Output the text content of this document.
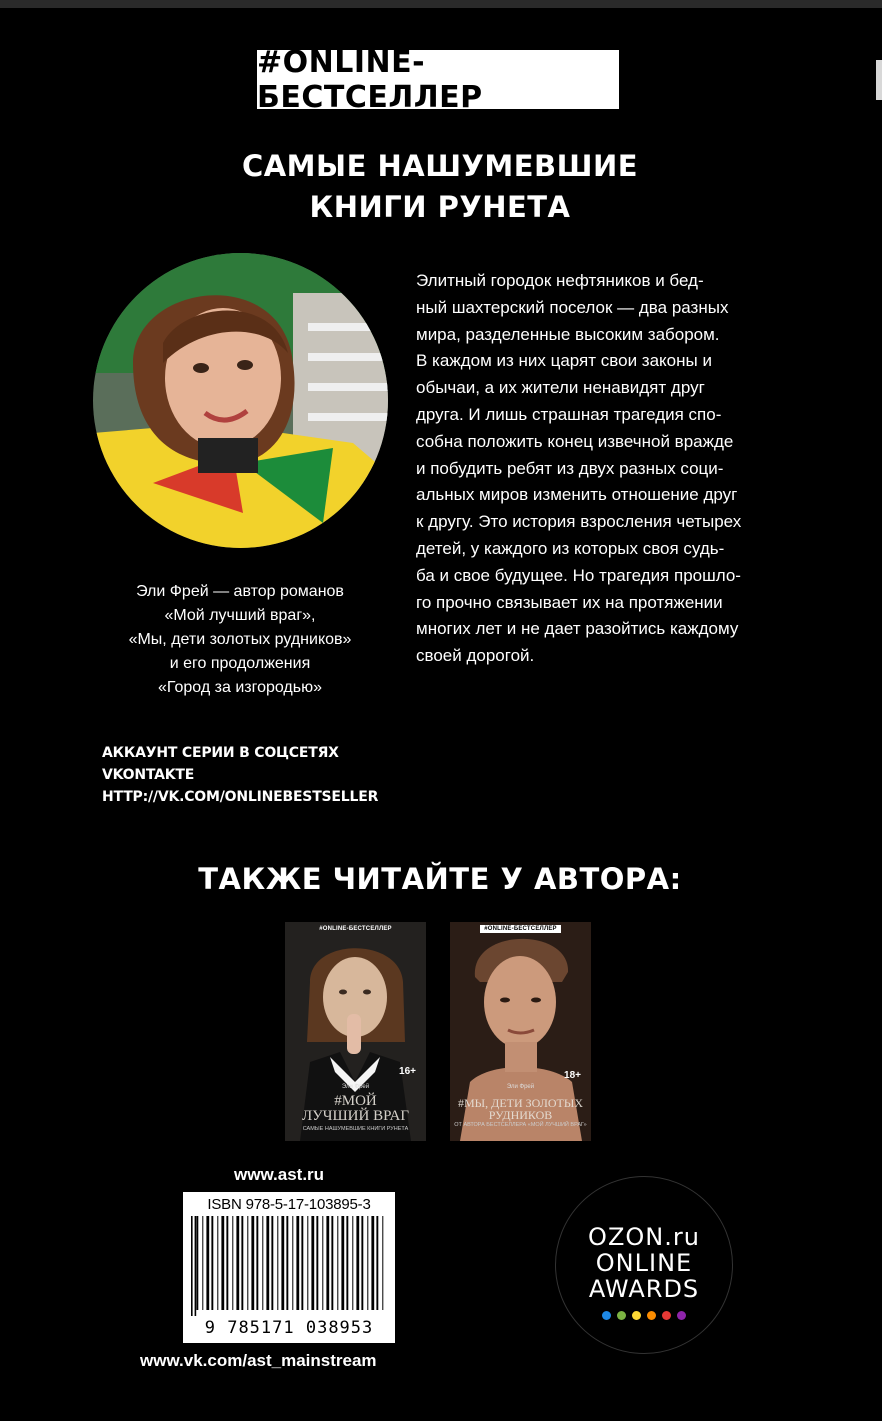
#ONLINE-БЕСТСЕЛЛЕР
САМЫЕ НАШУМЕВШИЕ
КНИГИ РУНЕТА
Эли Фрей — автор романов
«Мой лучший враг»,
«Мы, дети золотых рудников»
и его продолжения
«Город за изгородью»

Элитный городок нефтяников и бед-

ный шахтерский поселок — два разных

мира, разделенные высоким забором.

В каждом из них царят свои законы и

обычаи, а их жители ненавидят друг

друга. И лишь страшная трагедия спо-

собна положить конец извечной вражде

и побудить ребят из двух разных соци-

альных миров изменить отношение друг

к другу. Это история взросления четырех

детей, у каждого из которых своя судь-

ба и свое будущее. Но трагедия прошло-

го прочно связывает их на протяжении

многих лет и не дает разойтись каждому

своей дорогой.

АККАУНТ СЕРИИ В СОЦСЕТЯХ
VKONTAKTE
HTTP://VK.COM/ONLINEBESTSELLER
ТАКЖЕ ЧИТАЙТЕ У АВТОРА:
#ONLINE-БЕСТСЕЛЛЕР
16+
Эли Фрей
#МОЙ
ЛУЧШИЙ ВРАГ
САМЫЕ НАШУМЕВШИЕ КНИГИ РУНЕТА
#ONLINE-БЕСТСЕЛЛЕР
18+
Эли Фрей
#МЫ, ДЕТИ ЗОЛОТЫХ
РУДНИКОВ
ОТ АВТОРА БЕСТСЕЛЛЕРА «МОЙ ЛУЧШИЙ ВРАГ»
www.ast.ru
ISBN 978-5-17-103895-3
9 785171 038953
www.vk.com/ast_mainstream
OZON.ru
ONLINE
AWARDS
